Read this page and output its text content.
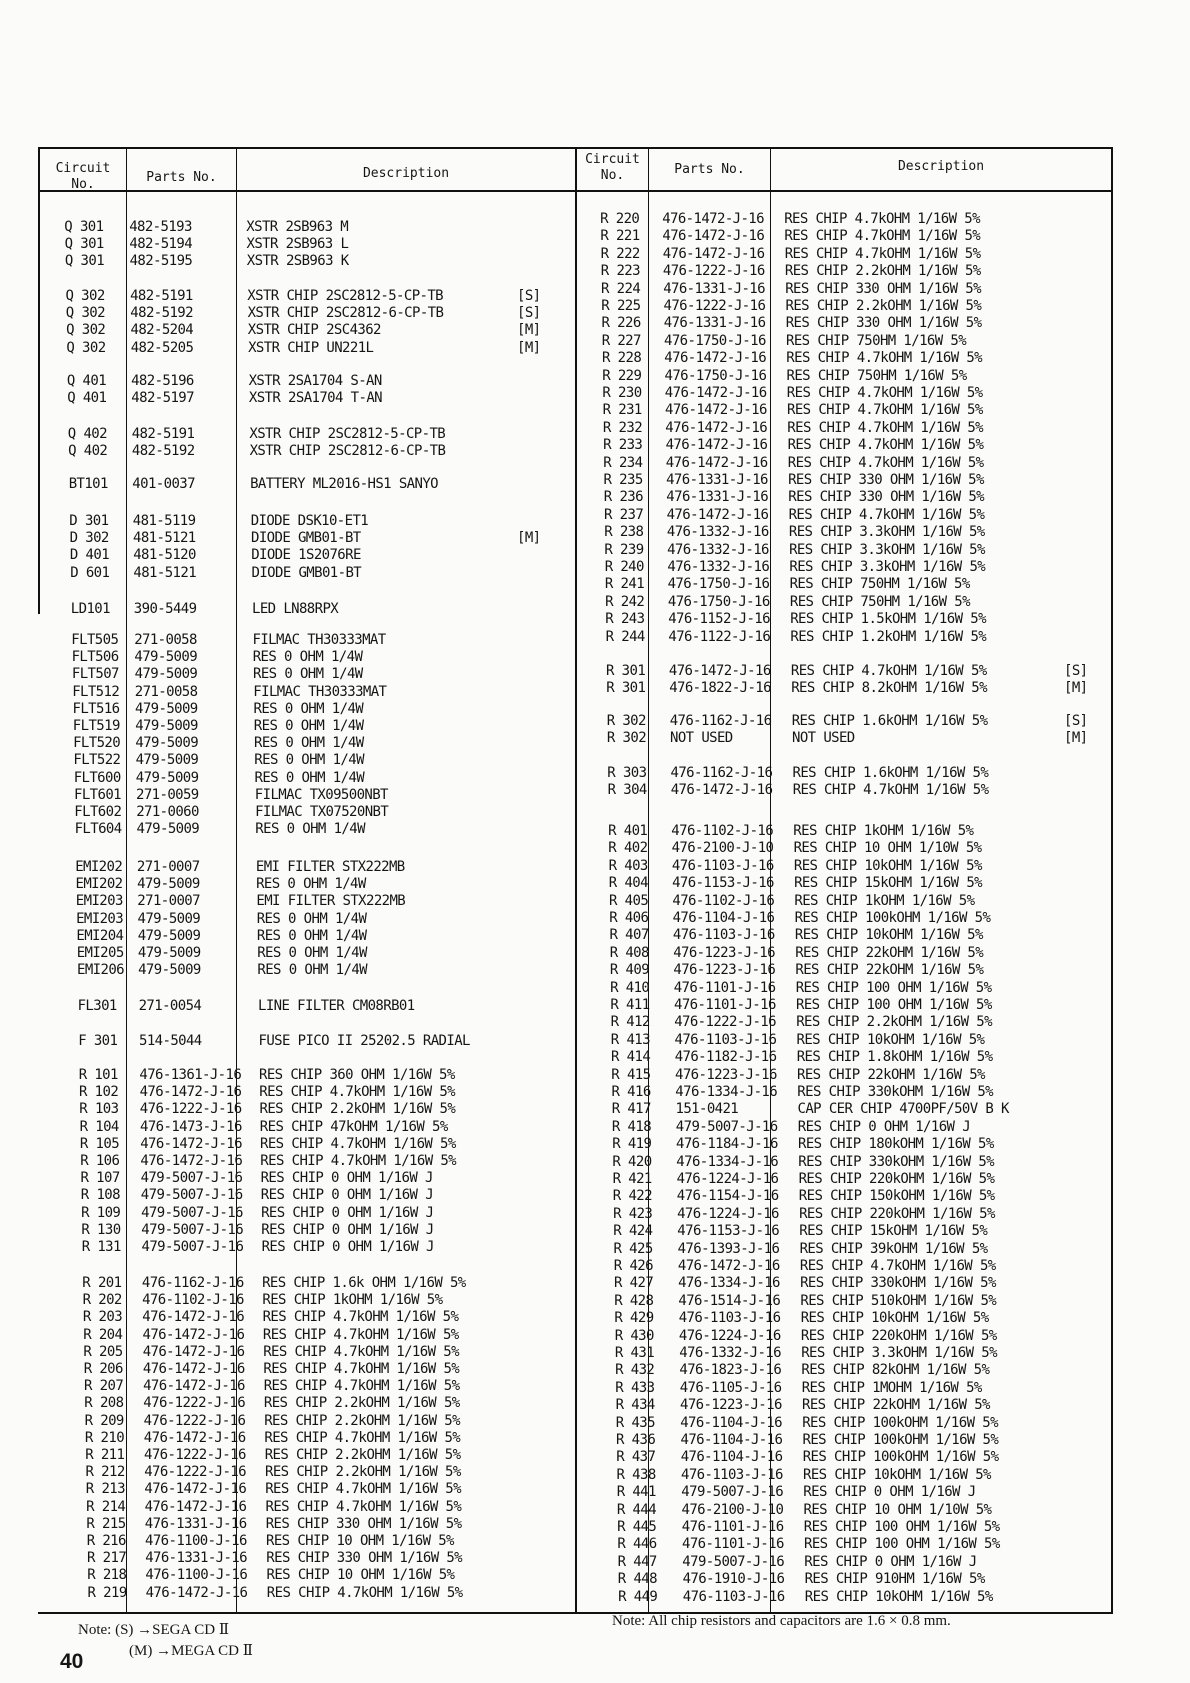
Circuit
No.	Parts No.	Description
Circuit
No.	Parts No.	Description
Q 301 482-5193	XSTR 2SB963 M
Q 301 482-5194	XSTR 2SB963 L
Q 301 482-5195	XSTR 2SB963 K
Q 302 482-5191	XSTR CHIP 2SC2812-5-CP-TB	[S]
Q 302 482-5192	XSTR CHIP 2SC2812-6-CP-TB	[S]
Q 302 482-5204	XSTR CHIP 2SC4362	[M]
Q 302 482-5205	XSTR CHIP UN221L	[M]
Q 401 482-5196	XSTR 2SA1704 S-AN
Q 401 482-5197	XSTR 2SA1704 T-AN
Q 402 482-5191	XSTR CHIP 2SC2812-5-CP-TB
Q 402 482-5192	XSTR CHIP 2SC2812-6-CP-TB
BT101 401-0037	BATTERY ML2016-HS1 SANYO
D 301 481-5119	DIODE DSK10-ET1
D 302 481-5121	DIODE GMB01-BT	[M]
D 401 481-5120	DIODE 1S2076RE
D 601 481-5121	DIODE GMB01-BT
LD101 390-5449	LED LN88RPX
FLT505 271-0058	FILMAC TH30333MAT
FLT506 479-5009	RES 0 OHM 1/4W
FLT507 479-5009	RES 0 OHM 1/4W
FLT512 271-0058	FILMAC TH30333MAT
FLT516 479-5009	RES 0 OHM 1/4W
FLT519 479-5009	RES 0 OHM 1/4W
FLT520 479-5009	RES 0 OHM 1/4W
FLT522 479-5009	RES 0 OHM 1/4W
FLT600 479-5009	RES 0 OHM 1/4W
FLT601 271-0059	FILMAC TX09500NBT
FLT602 271-0060	FILMAC TX07520NBT
FLT604 479-5009	RES 0 OHM 1/4W
EMI202 271-0007	EMI FILTER STX222MB
EMI202 479-5009	RES 0 OHM 1/4W
EMI203 271-0007	EMI FILTER STX222MB
EMI203 479-5009	RES 0 OHM 1/4W
EMI204 479-5009	RES 0 OHM 1/4W
EMI205 479-5009	RES 0 OHM 1/4W
EMI206 479-5009	RES 0 OHM 1/4W
FL301 271-0054	LINE FILTER CM08RB01
F 301 514-5044	FUSE PICO II 25202.5 RADIAL
R 101 476-1361-J-16 RES CHIP 360 OHM 1/16W 5%
R 102 476-1472-J-16 RES CHIP 4.7kOHM 1/16W 5%
R 103 476-1222-J-16 RES CHIP 2.2kOHM 1/16W 5%
R 104 476-1473-J-16 RES CHIP 47kOHM 1/16W 5%
R 105 476-1472-J-16 RES CHIP 4.7kOHM 1/16W 5%
R 106 476-1472-J-16 RES CHIP 4.7kOHM 1/16W 5%
R 107 479-5007-J-16 RES CHIP 0 OHM 1/16W J
R 108 479-5007-J-16 RES CHIP 0 OHM 1/16W J
R 109 479-5007-J-16 RES CHIP 0 OHM 1/16W J
R 130 479-5007-J-16 RES CHIP 0 OHM 1/16W J
R 131 479-5007-J-16 RES CHIP 0 OHM 1/16W J
R 201 476-1162-J-16 RES CHIP 1.6k OHM 1/16W 5%
R 202 476-1102-J-16 RES CHIP 1kOHM 1/16W 5%
R 203 476-1472-J-16 RES CHIP 4.7kOHM 1/16W 5%
R 204 476-1472-J-16 RES CHIP 4.7kOHM 1/16W 5%
R 205 476-1472-J-16 RES CHIP 4.7kOHM 1/16W 5%
R 206 476-1472-J-16 RES CHIP 4.7kOHM 1/16W 5%
R 207 476-1472-J-16 RES CHIP 4.7kOHM 1/16W 5%
R 208 476-1222-J-16 RES CHIP 2.2kOHM 1/16W 5%
R 209 476-1222-J-16 RES CHIP 2.2kOHM 1/16W 5%
R 210 476-1472-J-16 RES CHIP 4.7kOHM 1/16W 5%
R 211 476-1222-J-16 RES CHIP 2.2kOHM 1/16W 5%
R 212 476-1222-J-16 RES CHIP 2.2kOHM 1/16W 5%
R 213 476-1472-J-16 RES CHIP 4.7kOHM 1/16W 5%
R 214 476-1472-J-16 RES CHIP 4.7kOHM 1/16W 5%
R 215 476-1331-J-16 RES CHIP 330 OHM 1/16W 5%
R 216 476-1100-J-16 RES CHIP 10 OHM 1/16W 5%
R 217 476-1331-J-16 RES CHIP 330 OHM 1/16W 5%
R 218 476-1100-J-16 RES CHIP 10 OHM 1/16W 5%
R 219 476-1472-J-16 RES CHIP 4.7kOHM 1/16W 5%
R 220 476-1472-J-16 RES CHIP 4.7kOHM 1/16W 5%
R 221 476-1472-J-16 RES CHIP 4.7kOHM 1/16W 5%
R 222 476-1472-J-16 RES CHIP 4.7kOHM 1/16W 5%
R 223 476-1222-J-16 RES CHIP 2.2kOHM 1/16W 5%
R 224 476-1331-J-16 RES CHIP 330 OHM 1/16W 5%
R 225 476-1222-J-16 RES CHIP 2.2kOHM 1/16W 5%
R 226 476-1331-J-16 RES CHIP 330 OHM 1/16W 5%
R 227 476-1750-J-16 RES CHIP 750HM 1/16W 5%
R 228 476-1472-J-16 RES CHIP 4.7kOHM 1/16W 5%
R 229 476-1750-J-16 RES CHIP 750HM 1/16W 5%
R 230 476-1472-J-16 RES CHIP 4.7kOHM 1/16W 5%
R 231 476-1472-J-16 RES CHIP 4.7kOHM 1/16W 5%
R 232 476-1472-J-16 RES CHIP 4.7kOHM 1/16W 5%
R 233 476-1472-J-16 RES CHIP 4.7kOHM 1/16W 5%
R 234 476-1472-J-16 RES CHIP 4.7kOHM 1/16W 5%
R 235 476-1331-J-16 RES CHIP 330 OHM 1/16W 5%
R 236 476-1331-J-16 RES CHIP 330 OHM 1/16W 5%
R 237 476-1472-J-16 RES CHIP 4.7kOHM 1/16W 5%
R 238 476-1332-J-16 RES CHIP 3.3kOHM 1/16W 5%
R 239 476-1332-J-16 RES CHIP 3.3kOHM 1/16W 5%
R 240 476-1332-J-16 RES CHIP 3.3kOHM 1/16W 5%
R 241 476-1750-J-16 RES CHIP 750HM 1/16W 5%
R 242 476-1750-J-16 RES CHIP 750HM 1/16W 5%
R 243 476-1152-J-16 RES CHIP 1.5kOHM 1/16W 5%
R 244 476-1122-J-16 RES CHIP 1.2kOHM 1/16W 5%
R 301 476-1472-J-16 RES CHIP 4.7kOHM 1/16W 5%	[S]
R 301 476-1822-J-16 RES CHIP 8.2kOHM 1/16W 5%	[M]
R 302 476-1162-J-16 RES CHIP 1.6kOHM 1/16W 5%	[S]
R 302 NOT USED	NOT USED	[M]
R 303 476-1162-J-16 RES CHIP 1.6kOHM 1/16W 5%
R 304 476-1472-J-16 RES CHIP 4.7kOHM 1/16W 5%
R 401 476-1102-J-16 RES CHIP 1kOHM 1/16W 5%
R 402 476-2100-J-10 RES CHIP 10 OHM 1/10W 5%
R 403 476-1103-J-16 RES CHIP 10kOHM 1/16W 5%
R 404 476-1153-J-16 RES CHIP 15kOHM 1/16W 5%
R 405 476-1102-J-16 RES CHIP 1kOHM 1/16W 5%
R 406 476-1104-J-16 RES CHIP 100kOHM 1/16W 5%
R 407 476-1103-J-16 RES CHIP 10kOHM 1/16W 5%
R 408 476-1223-J-16 RES CHIP 22kOHM 1/16W 5%
R 409 476-1223-J-16 RES CHIP 22kOHM 1/16W 5%
R 410 476-1101-J-16 RES CHIP 100 OHM 1/16W 5%
R 411 476-1101-J-16 RES CHIP 100 OHM 1/16W 5%
R 412 476-1222-J-16 RES CHIP 2.2kOHM 1/16W 5%
R 413 476-1103-J-16 RES CHIP 10kOHM 1/16W 5%
R 414 476-1182-J-16 RES CHIP 1.8kOHM 1/16W 5%
R 415 476-1223-J-16 RES CHIP 22kOHM 1/16W 5%
R 416 476-1334-J-16 RES CHIP 330kOHM 1/16W 5%
R 417 151-0421	CAP CER CHIP 4700PF/50V B K
R 418 479-5007-J-16 RES CHIP 0 OHM 1/16W J
R 419 476-1184-J-16 RES CHIP 180kOHM 1/16W 5%
R 420 476-1334-J-16 RES CHIP 330kOHM 1/16W 5%
R 421 476-1224-J-16 RES CHIP 220kOHM 1/16W 5%
R 422 476-1154-J-16 RES CHIP 150kOHM 1/16W 5%
R 423 476-1224-J-16 RES CHIP 220kOHM 1/16W 5%
R 424 476-1153-J-16 RES CHIP 15kOHM 1/16W 5%
R 425 476-1393-J-16 RES CHIP 39kOHM 1/16W 5%
R 426 476-1472-J-16 RES CHIP 4.7kOHM 1/16W 5%
R 427 476-1334-J-16 RES CHIP 330kOHM 1/16W 5%
R 428 476-1514-J-16 RES CHIP 510kOHM 1/16W 5%
R 429 476-1103-J-16 RES CHIP 10kOHM 1/16W 5%
R 430 476-1224-J-16 RES CHIP 220kOHM 1/16W 5%
R 431 476-1332-J-16 RES CHIP 3.3kOHM 1/16W 5%
R 432 476-1823-J-16 RES CHIP 82kOHM 1/16W 5%
R 433 476-1105-J-16 RES CHIP 1MOHM 1/16W 5%
R 434 476-1223-J-16 RES CHIP 22kOHM 1/16W 5%
R 435 476-1104-J-16 RES CHIP 100kOHM 1/16W 5%
R 436 476-1104-J-16 RES CHIP 100kOHM 1/16W 5%
R 437 476-1104-J-16 RES CHIP 100kOHM 1/16W 5%
R 438 476-1103-J-16 RES CHIP 10kOHM 1/16W 5%
R 441 479-5007-J-16 RES CHIP 0 OHM 1/16W J
R 444 476-2100-J-10 RES CHIP 10 OHM 1/10W 5%
R 445 476-1101-J-16 RES CHIP 100 OHM 1/16W 5%
R 446 476-1101-J-16 RES CHIP 100 OHM 1/16W 5%
R 447 479-5007-J-16 RES CHIP 0 OHM 1/16W J
R 448 476-1910-J-16 RES CHIP 910HM 1/16W 5%
R 449 476-1103-J-16 RES CHIP 10kOHM 1/16W 5%
Note: (S) →SEGA CD Ⅱ
(M) →MEGA CD Ⅱ
Note: All chip resistors and capacitors are 1.6 × 0.8 mm.
40
